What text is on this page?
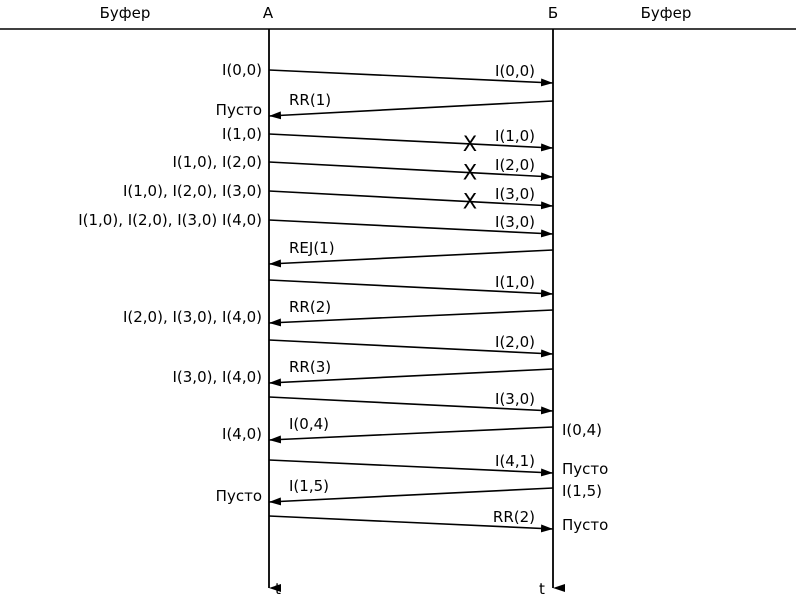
Буфер	А	Б	Буфер
t	t
I(0,0)
I(0,0)
RR(1)
Пусто
I(1,0)
X
I(1,0)
I(2,0)
X
I(1,0), I(2,0)
I(3,0)
X
I(1,0), I(2,0), I(3,0)
I(3,0)
I(1,0), I(2,0), I(3,0) I(4,0)
REJ(1)
I(1,0)
RR(2)
I(2,0), I(3,0), I(4,0)
I(2,0)
RR(3)
I(3,0), I(4,0)
I(3,0)
I(0,4)
I(4,0)	I(0,4)
I(4,1) Пусто
I(1,5)
Пусто	I(1,5)
RR(2) Пусто
